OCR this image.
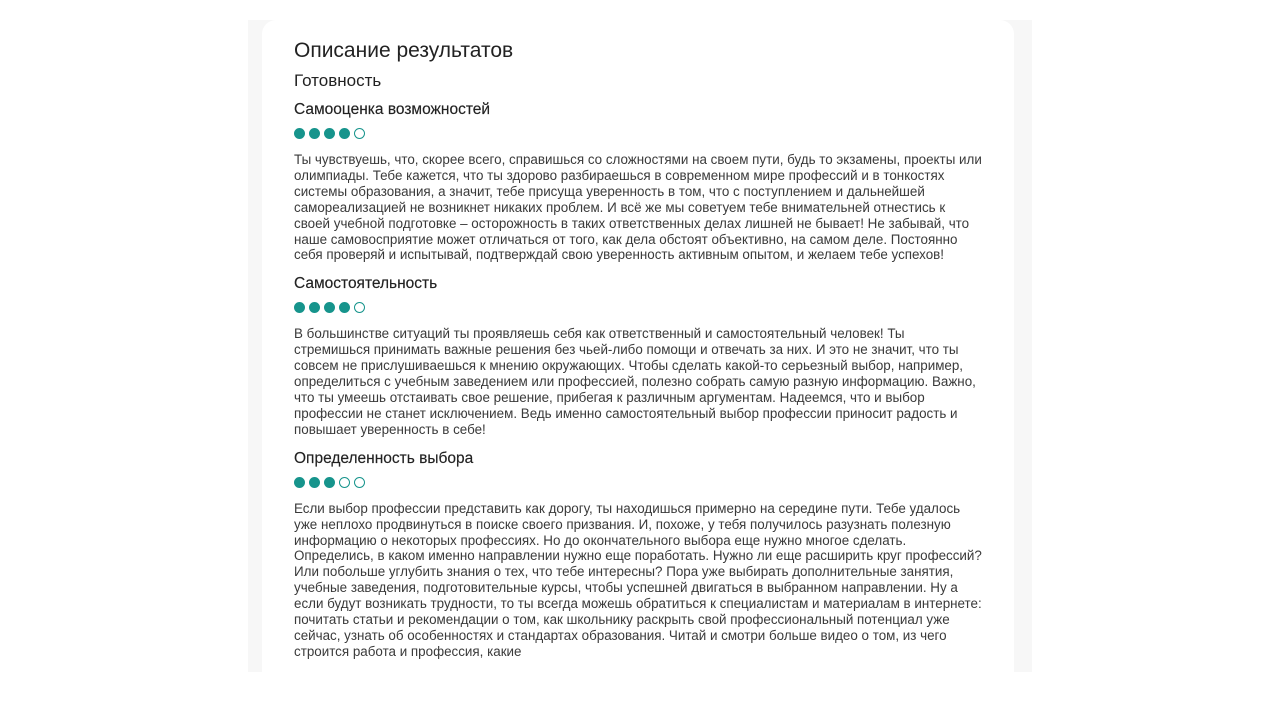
Описание результатов
Готовность
Самооценка возможностей

Ты чувствуешь, что, скорее всего, справишься со сложностями на своем пути, будь то экзамены, проекты или олимпиады. Тебе кажется, что ты здорово разбираешься в современном мире профессий и в тонкостях системы образования, а значит, тебе присуща уверенность в том, что с поступлением и дальнейшей самореализацией не возникнет никаких проблем. И всё же мы советуем тебе внимательней отнестись к своей учебной подготовке – осторожность в таких ответственных делах лишней не бывает! Не забывай, что наше самовосприятие может отличаться от того, как дела обстоят объективно, на самом деле. Постоянно себя проверяй и испытывай, подтверждай свою уверенность активным опытом, и желаем тебе успехов!

Самостоятельность

В большинстве ситуаций ты проявляешь себя как ответственный и самостоятельный человек! Ты стремишься принимать важные решения без чьей-либо помощи и отвечать за них. И это не значит, что ты совсем не прислушиваешься к мнению окружающих. Чтобы сделать какой-то серьезный выбор, например, определиться с учебным заведением или профессией, полезно собрать самую разную информацию. Важно, что ты умеешь отстаивать свое решение, прибегая к различным аргументам. Надеемся, что и выбор профессии не станет исключением. Ведь именно самостоятельный выбор профессии приносит радость и повышает уверенность в себе!

Определенность выбора

Если выбор профессии представить как дорогу, ты находишься примерно на середине пути. Тебе удалось уже неплохо продвинуться в поиске своего призвания. И, похоже, у тебя получилось разузнать полезную информацию о некоторых профессиях. Но до окончательного выбора еще нужно многое сделать. Определись, в каком именно направлении нужно еще поработать. Нужно ли еще расширить круг профессий? Или побольше углубить знания о тех, что тебе интересны? Пора уже выбирать дополнительные занятия, учебные заведения, подготовительные курсы, чтобы успешней двигаться в выбранном направлении. Ну а если будут возникать трудности, то ты всегда можешь обратиться к специалистам и материалам в интернете: почитать статьи и рекомендации о том, как школьнику раскрыть свой профессиональный потенциал уже сейчас, узнать об особенностях и стандартах образования. Читай и смотри больше видео о том, из чего строится работа и профессия, какие
